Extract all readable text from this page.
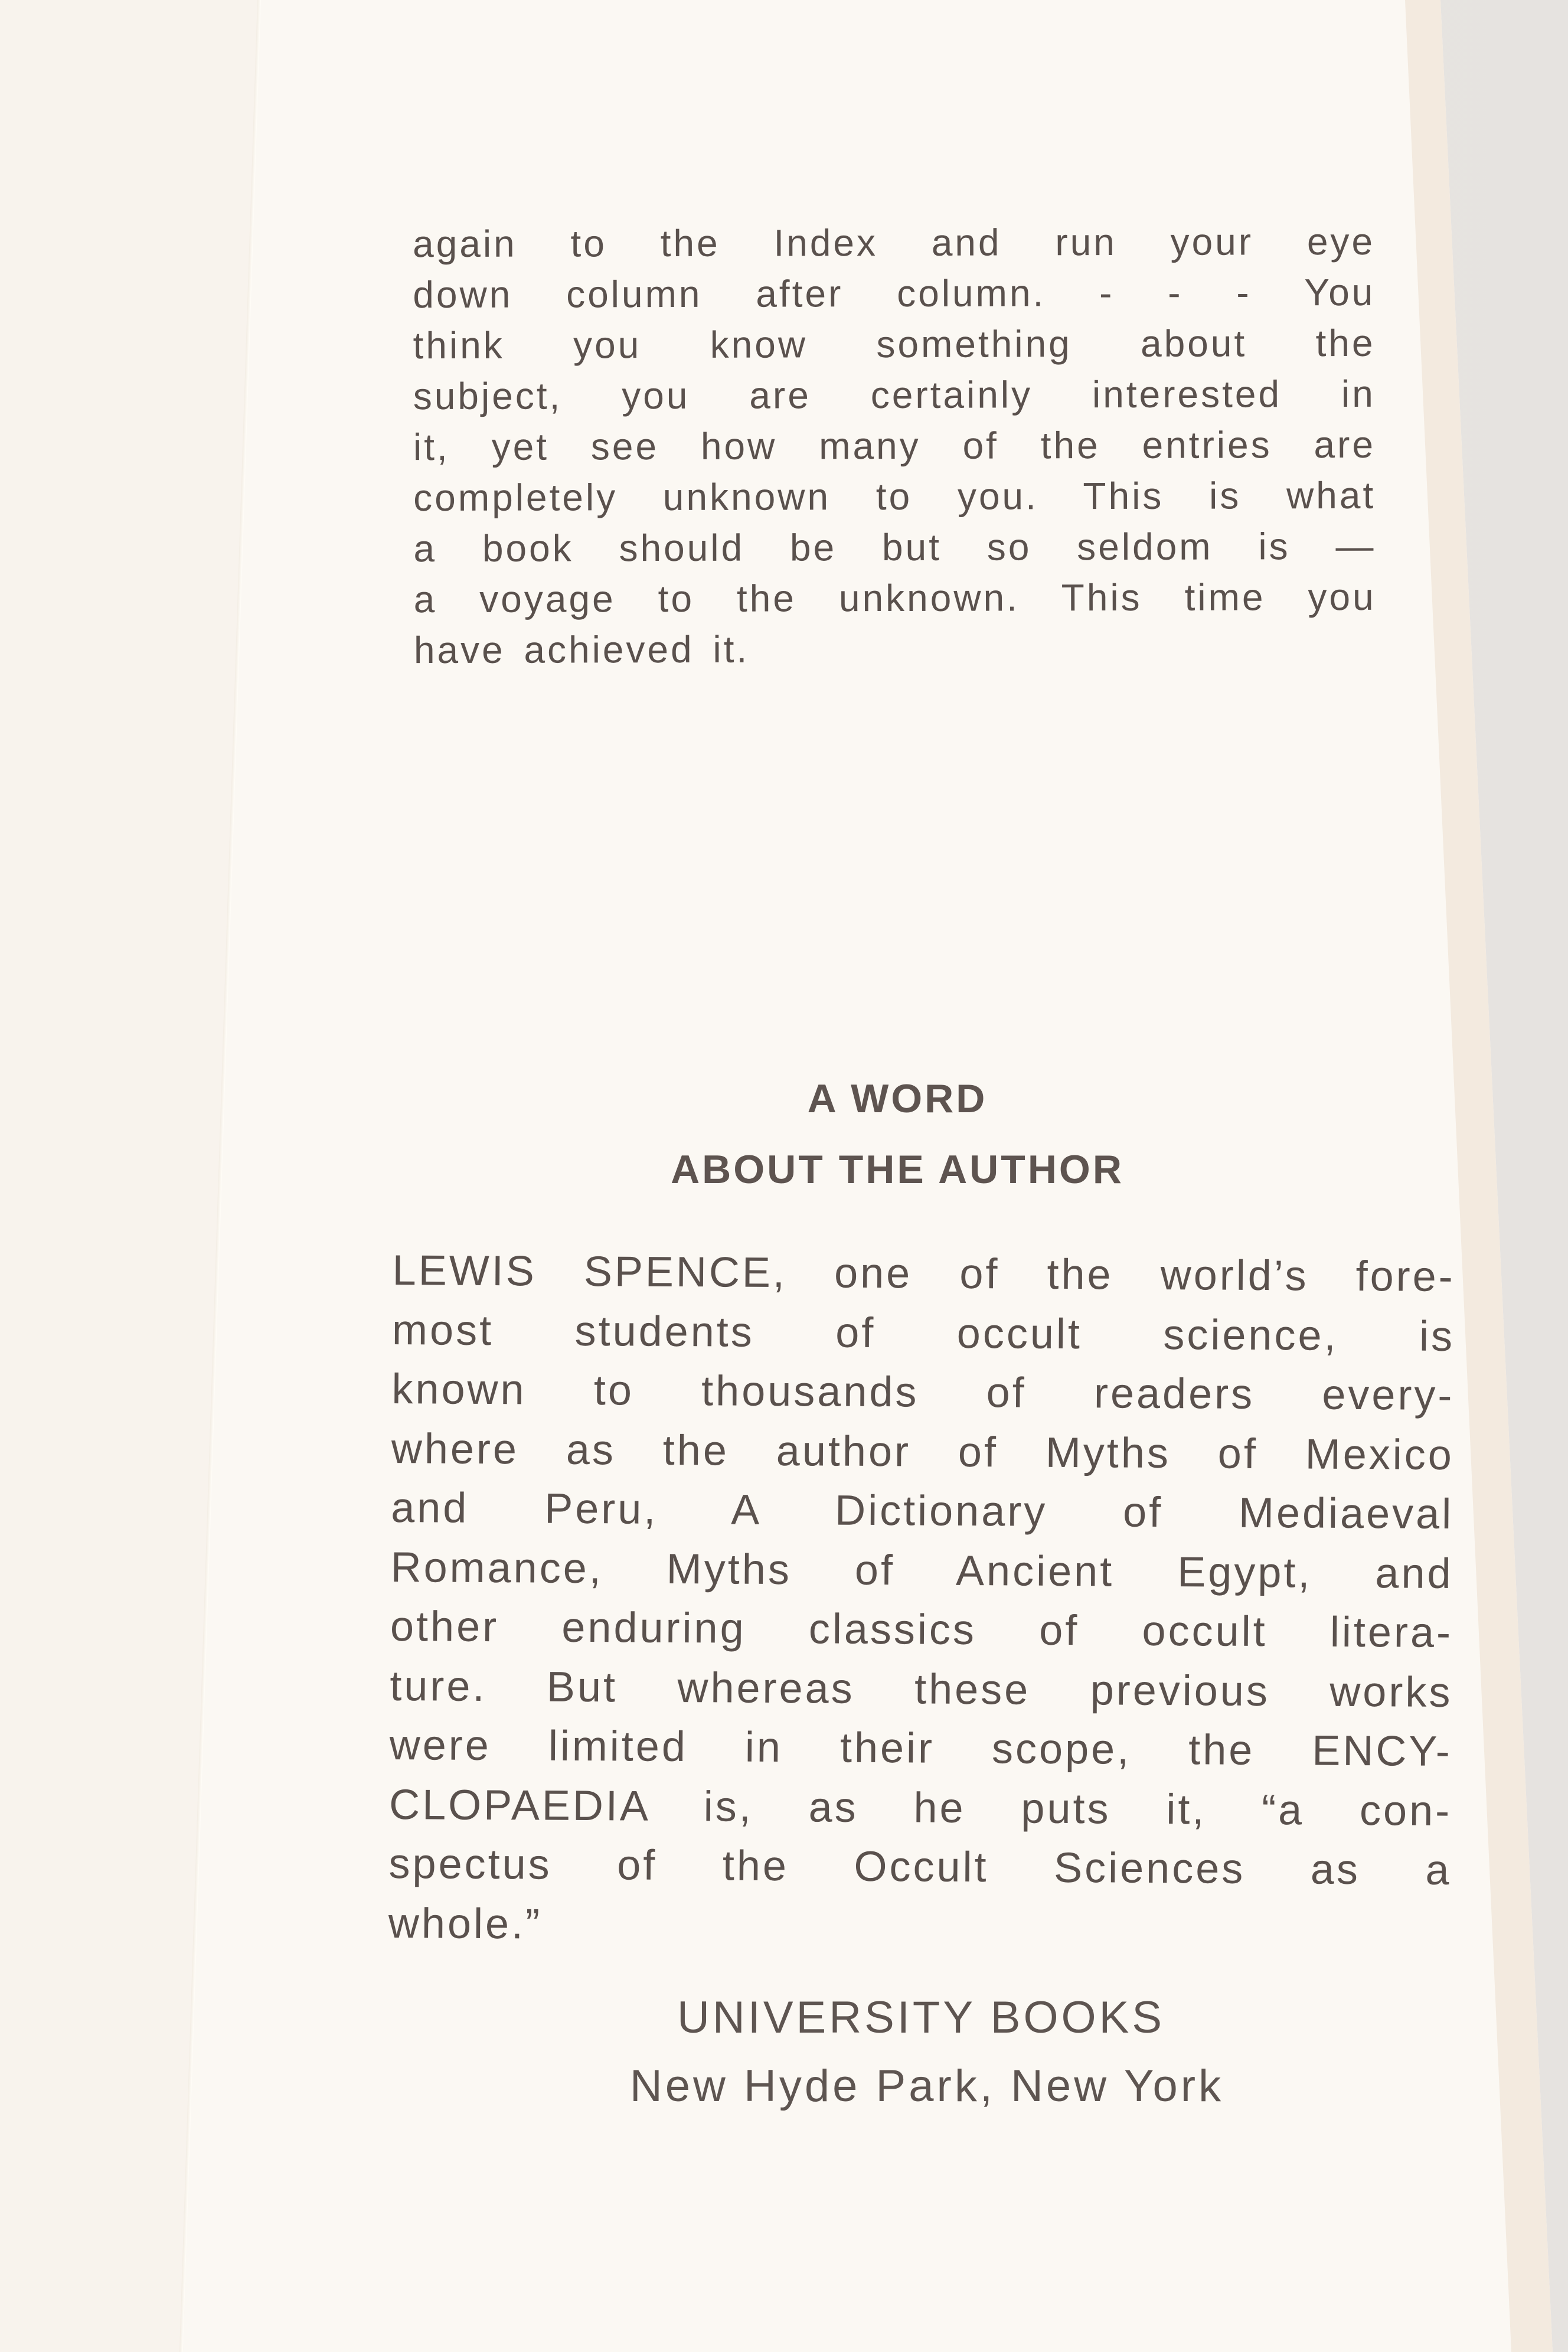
again to the Index and run your eye
down column after column. - - - You
think you know something about the
subject, you are certainly interested in
it, yet see how many of the entries are
completely unknown to you. This is what
a book should be but so seldom is —
a voyage to the unknown. This time you
have achieved it.
A WORD
ABOUT THE AUTHOR
LEWIS SPENCE, one of the world’s fore-
most students of occult science, is
known to thousands of readers every-
where as the author of Myths of Mexico
and Peru, A Dictionary of Mediaeval
Romance, Myths of Ancient Egypt, and
other enduring classics of occult litera-
ture. But whereas these previous works
were limited in their scope, the ENCY-
CLOPAEDIA is, as he puts it, “a con-
spectus of the Occult Sciences as a
whole.”
UNIVERSITY BOOKS
New Hyde Park, New York
